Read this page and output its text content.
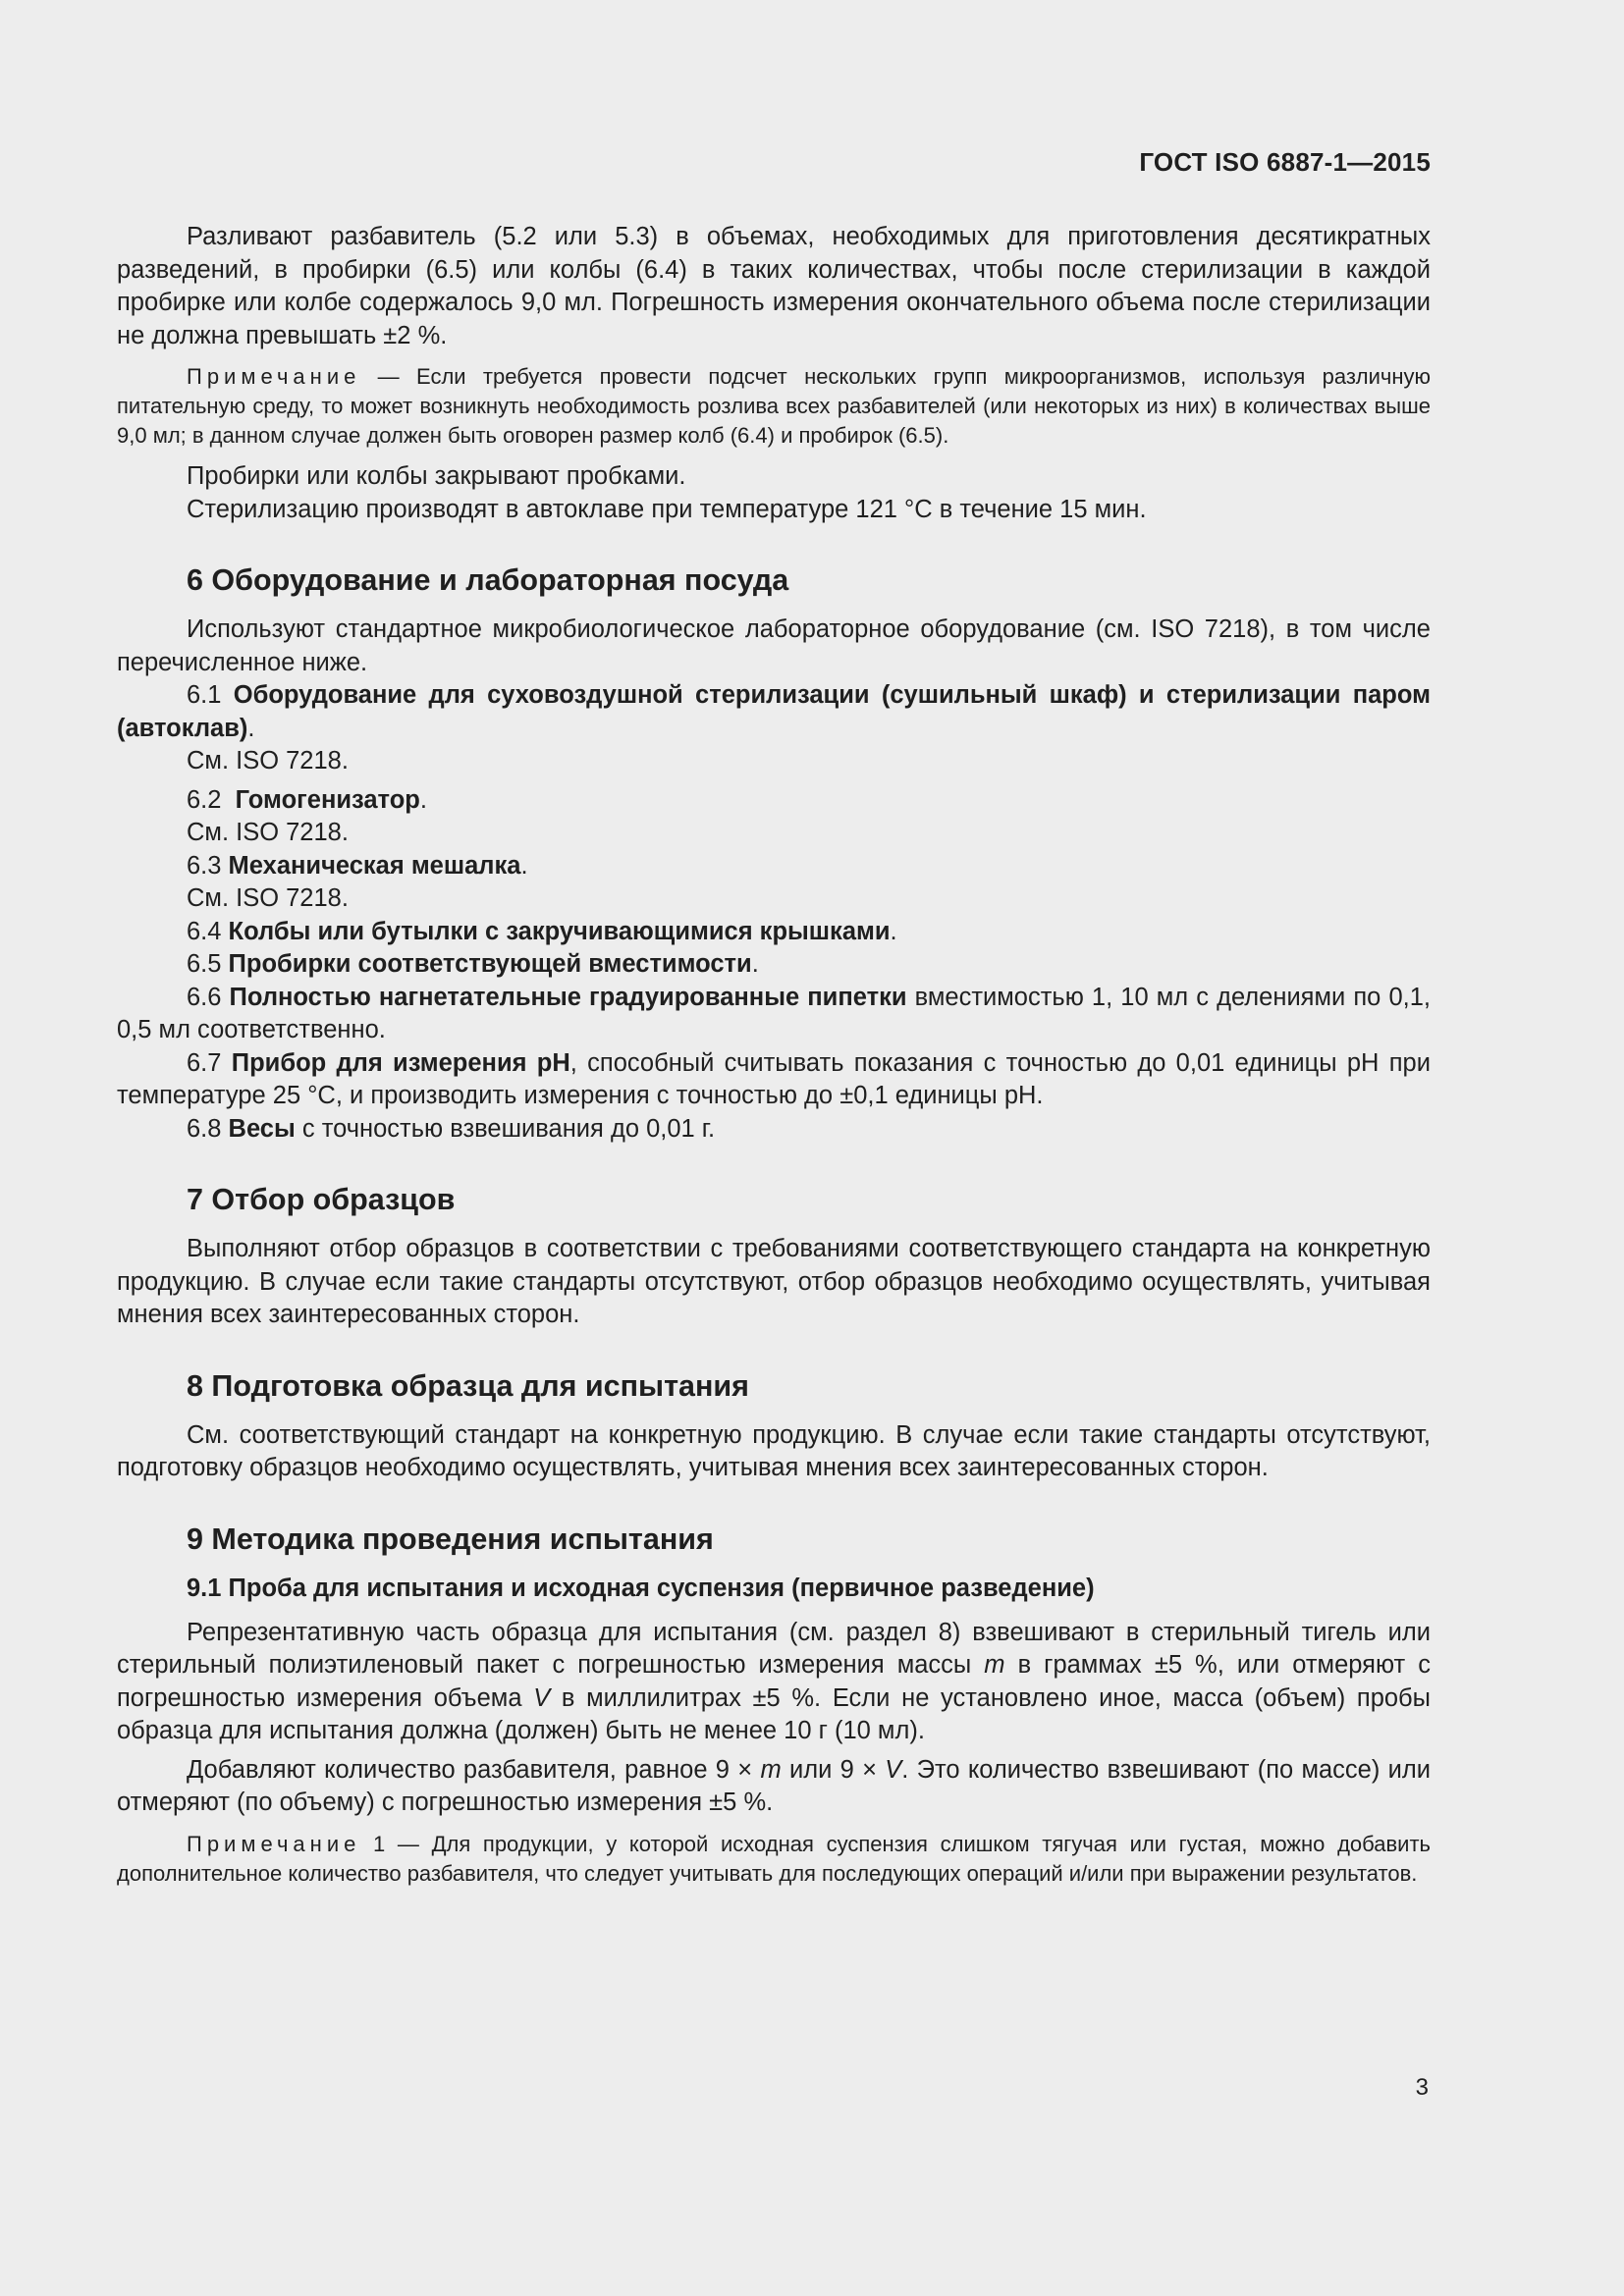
ГОСТ ISO 6887-1—2015

Разливают разбавитель (5.2 или 5.3) в объемах, необходимых для приготовления десятикратных разведений, в пробирки (6.5) или колбы (6.4) в таких количествах, чтобы после стерилизации в каждой пробирке или колбе содержалось 9,0 мл. Погрешность измерения окончательного объема после стерилизации не должна превышать ±2 %.

Примечание — Если требуется провести подсчет нескольких групп микроорганизмов, используя различную питательную среду, то может возникнуть необходимость розлива всех разбавителей (или некоторых из них) в количествах выше 9,0 мл; в данном случае должен быть оговорен размер колб (6.4) и пробирок (6.5).

Пробирки или колбы закрывают пробками.

Стерилизацию производят в автоклаве при температуре 121 °С в течение 15 мин.

6 Оборудование и лабораторная посуда

Используют стандартное микробиологическое лабораторное оборудование (см. ISO 7218), в том числе перечисленное ниже.

6.1 Оборудование для суховоздушной стерилизации (сушильный шкаф) и стерилизации паром (автоклав).

См. ISO 7218.

6.2  Гомогенизатор.

См. ISO 7218.

6.3 Механическая мешалка.

См. ISO 7218.

6.4 Колбы или бутылки с закручивающимися крышками.

6.5 Пробирки соответствующей вместимости.

6.6 Полностью нагнетательные градуированные пипетки вместимостью 1, 10 мл с делениями по 0,1, 0,5 мл соответственно.

6.7 Прибор для измерения рН, способный считывать показания с точностью до 0,01 единицы рН при температуре 25 °С, и производить измерения с точностью до ±0,1 единицы рН.

6.8 Весы с точностью взвешивания до 0,01 г.

7 Отбор образцов

Выполняют отбор образцов в соответствии с требованиями соответствующего стандарта на конкретную продукцию. В случае если такие стандарты отсутствуют, отбор образцов необходимо осуществлять, учитывая мнения всех заинтересованных сторон.

8 Подготовка образца для испытания

См. соответствующий стандарт на конкретную продукцию. В случае если такие стандарты отсутствуют, подготовку образцов необходимо осуществлять, учитывая мнения всех заинтересованных сторон.

9 Методика проведения испытания
9.1 Проба для испытания и исходная суспензия (первичное разведение)

Репрезентативную часть образца для испытания (см. раздел 8) взвешивают в стерильный тигель или стерильный полиэтиленовый пакет с погрешностью измерения массы m в граммах ±5 %, или отмеряют с погрешностью измерения объема V в миллилитрах ±5 %. Если не установлено иное, масса (объем) пробы образца для испытания должна (должен) быть не менее 10 г (10 мл).

Добавляют количество разбавителя, равное 9 × m или 9 × V. Это количество взвешивают (по массе) или отмеряют (по объему) с погрешностью измерения ±5 %.

Примечание 1 — Для продукции, у которой исходная суспензия слишком тягучая или густая, можно добавить дополнительное количество разбавителя, что следует учитывать для последующих операций и/или при выражении результатов.

3
